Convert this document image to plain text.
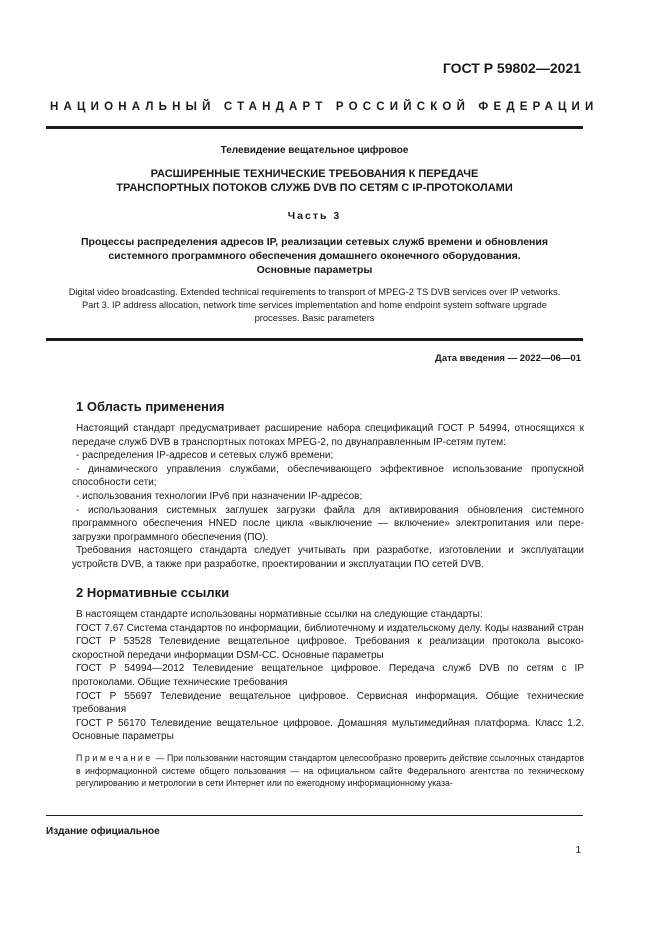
ГОСТ Р 59802—2021
НАЦИОНАЛЬНЫЙ СТАНДАРТ РОССИЙСКОЙ ФЕДЕРАЦИИ
Телевидение вещательное цифровое
РАСШИРЕННЫЕ ТЕХНИЧЕСКИЕ ТРЕБОВАНИЯ К ПЕРЕДАЧЕ
ТРАНСПОРТНЫХ ПОТОКОВ СЛУЖБ DVB ПО СЕТЯМ С IP-ПРОТОКОЛАМИ
Часть 3
Процессы распределения адресов IP, реализации сетевых служб времени и обновления
системного программного обеспечения домашнего оконечного оборудования.
Основные параметры
Digital video broadcasting. Extended technical requirements to transport of MPEG-2 TS DVB services over IP vetworks.
Part 3. IP address allocation, network time services implementation and home endpoint system software upgrade
processes. Basic parameters
Дата введения — 2022—06—01
1 Область применения

Настоящий стандарт предусматривает расширение набора спецификаций ГОСТ Р 54994, относящихся к передаче служб DVB в транспортных потоках MPEG-2, по двунаправленным IP-сетям путем:

- распределения IP-адресов и сетевых служб времени;

- динамического управления службами, обеспечивающего эффективное использование пропускной способности сети;

- использования технологии IPv6 при назначении IP-адресов;

- использования системных заглушек загрузки файла для активирования обновления системного программного обеспечения HNED после цикла «выключение — включение» электропитания или перезагрузки программного обеспечения (ПО).

Требования настоящего стандарта следует учитывать при разработке, изготовлении и эксплуатации устройств DVB, а также при разработке, проектировании и эксплуатации ПО сетей DVB.

2 Нормативные ссылки

В настоящем стандарте использованы нормативные ссылки на следующие стандарты:

ГОСТ 7.67 Система стандартов по информации, библиотечному и издательскому делу. Коды названий стран

ГОСТ Р 53528 Телевидение вещательное цифровое. Требования к реализации протокола высокоскоростной передачи информации DSM-CC. Основные параметры

ГОСТ Р 54994—2012 Телевидение вещательное цифровое. Передача служб DVB по сетям с IP протоколами. Общие технические требования

ГОСТ Р 55697 Телевидение вещательное цифровое. Сервисная информация. Общие технические требования

ГОСТ Р 56170 Телевидение вещательное цифровое. Домашняя мультимедийная платформа. Класс 1.2. Основные параметры

Примечание — При пользовании настоящим стандартом целесообразно проверить действие ссылочных стандартов в информационной системе общего пользования — на официальном сайте Федерального агентства по техническому регулированию и метрологии в сети Интернет или по ежегодному информационному указа-
Издание официальное
1
